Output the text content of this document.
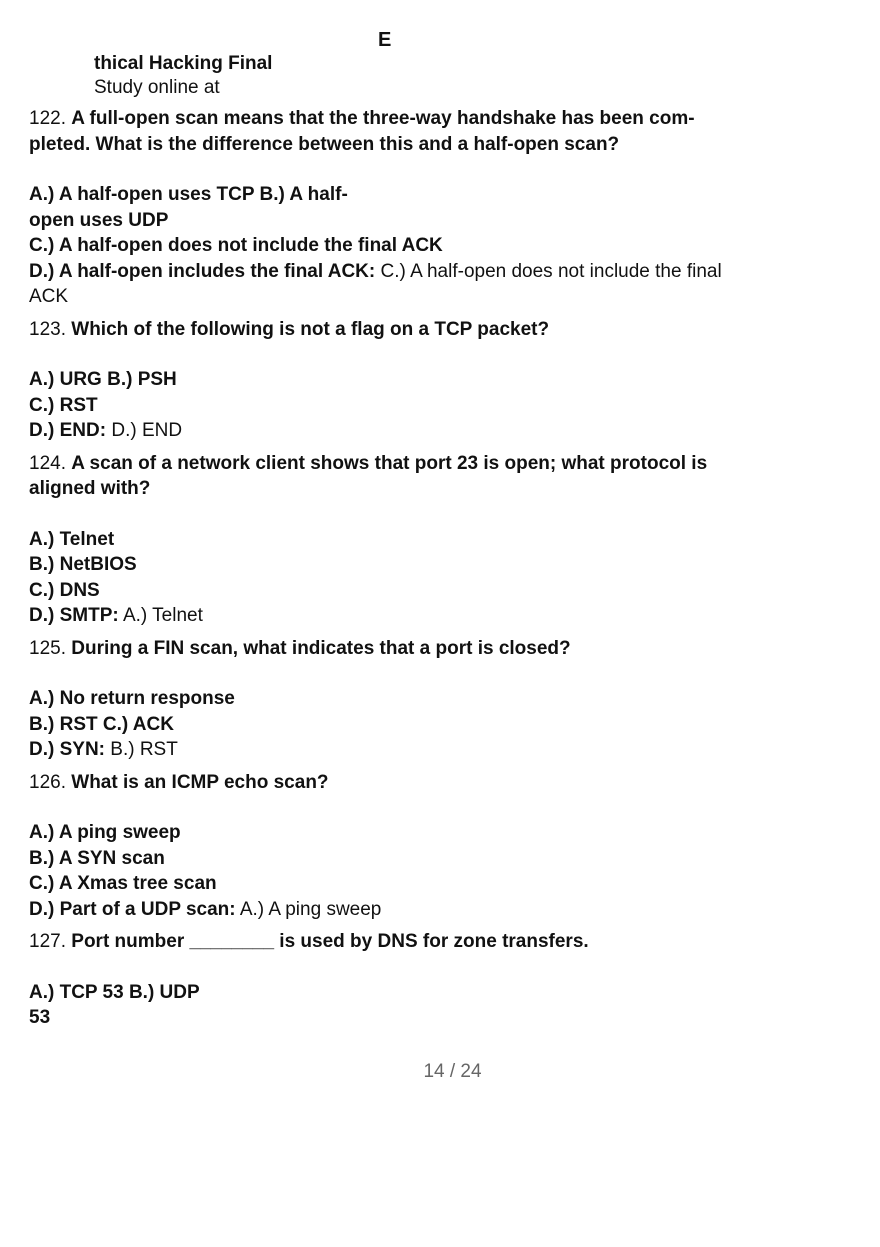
E
thical Hacking Final
Study online at
122. A full-open scan means that the three-way handshake has been com-
pleted. What is the difference between this and a half-open scan?
A.) A half-open uses TCP B.) A half-
open uses UDP
C.) A half-open does not include the final ACK
D.) A half-open includes the final ACK: C.) A half-open does not include the final
ACK
123. Which of the following is not a flag on a TCP packet?
A.) URG B.) PSH
C.) RST
D.) END: D.) END
124. A scan of a network client shows that port 23 is open; what protocol is
aligned with?
A.) Telnet
B.) NetBIOS
C.) DNS
D.) SMTP: A.) Telnet
125. During a FIN scan, what indicates that a port is closed?
A.) No return response
B.) RST C.) ACK
D.) SYN: B.) RST
126. What is an ICMP echo scan?
A.) A ping sweep
B.) A SYN scan
C.) A Xmas tree scan
D.) Part of a UDP scan: A.) A ping sweep
127. Port number ________ is used by DNS for zone transfers.
A.) TCP 53 B.) UDP
53
14 / 24
